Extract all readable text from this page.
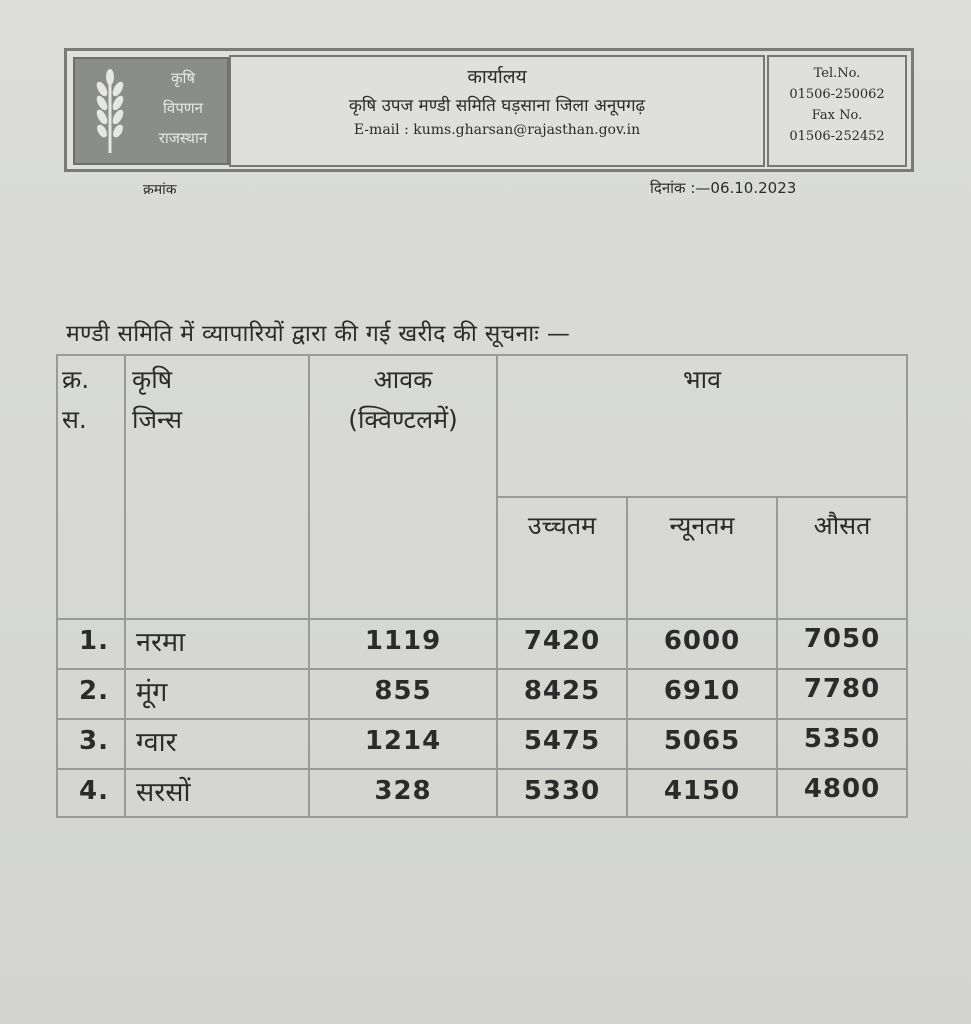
कृषि
विपणन
राजस्थान
कार्यालय
कृषि उपज मण्डी समिति घड़साना जिला अनूपगढ़
E-mail : kums.gharsan@rajasthan.gov.in
Tel.No.
01506-250062
Fax No.
01506-252452
क्रमांक	दिनांक :—06.10.2023
मण्डी समिति में व्यापारियों द्वारा की गई खरीद की सूचनाः —
क्र.
स.
कृषि
जिन्स
आवक
(क्विण्टलमें)
भाव
उच्चतम	न्यूनतम	औसत
1.	नरमा	1119	7420	6000	7050
2.	मूंग	855	8425	6910	7780
3.	ग्वार	1214	5475	5065	5350
4.	सरसों	328	5330	4150	4800
